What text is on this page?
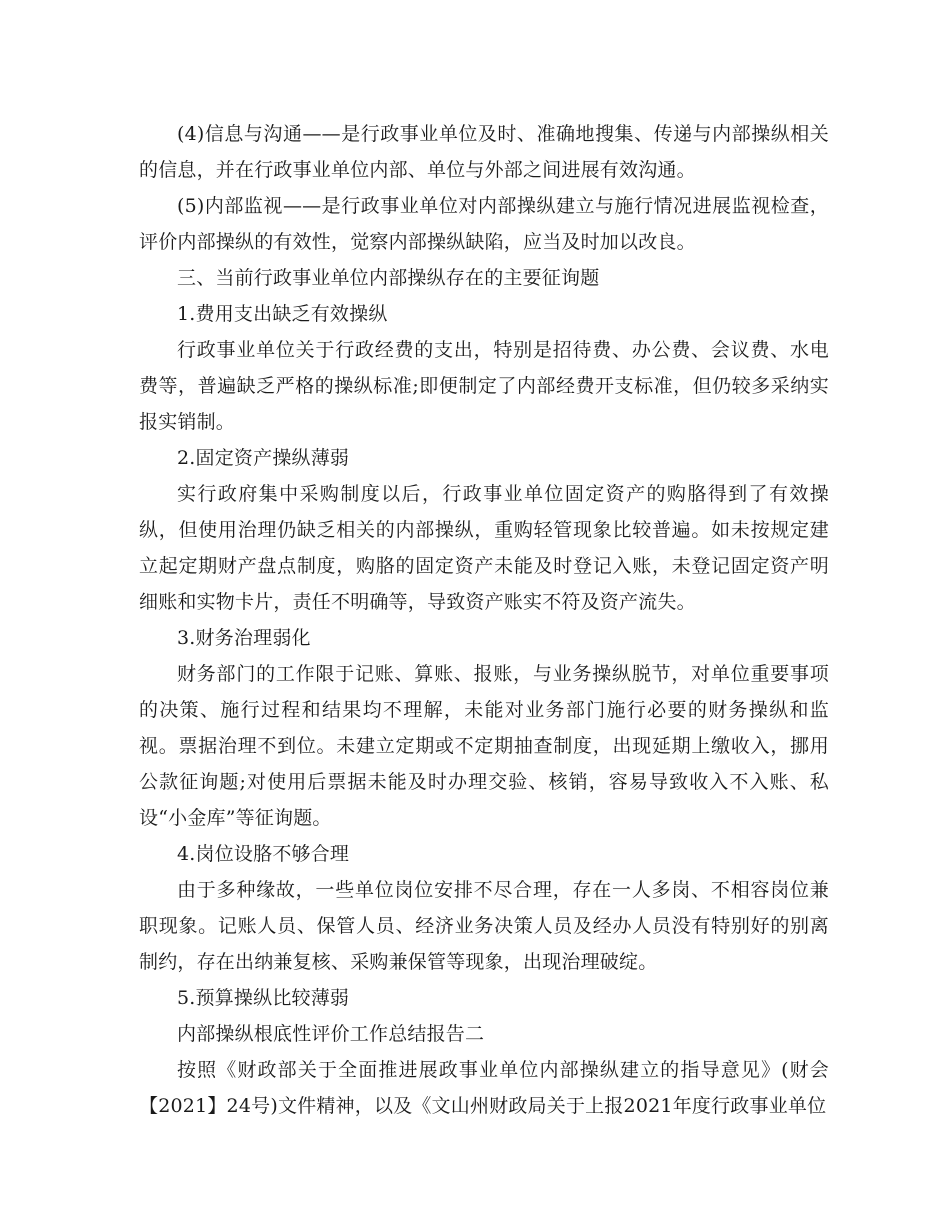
(4)信息与沟通——是行政事业单位及时、准确地搜集、传递与内部操纵相关的信息，并在行政事业单位内部、单位与外部之间进展有效沟通。

(5)内部监视——是行政事业单位对内部操纵建立与施行情况进展监视检查，评价内部操纵的有效性，觉察内部操纵缺陷，应当及时加以改良。

三、当前行政事业单位内部操纵存在的主要征询题

1.费用支出缺乏有效操纵

行政事业单位关于行政经费的支出，特别是招待费、办公费、会议费、水电费等，普遍缺乏严格的操纵标准;即便制定了内部经费开支标准，但仍较多采纳实报实销制。

2.固定资产操纵薄弱

实行政府集中采购制度以后，行政事业单位固定资产的购胳得到了有效操纵，但使用治理仍缺乏相关的内部操纵，重购轻管现象比较普遍。如未按规定建立起定期财产盘点制度，购胳的固定资产未能及时登记入账，未登记固定资产明细账和实物卡片，责任不明确等，导致资产账实不符及资产流失。

3.财务治理弱化

财务部门的工作限于记账、算账、报账，与业务操纵脱节，对单位重要事项的决策、施行过程和结果均不理解，未能对业务部门施行必要的财务操纵和监视。票据治理不到位。未建立定期或不定期抽查制度，出现延期上缴收入，挪用公款征询题;对使用后票据未能及时办理交验、核销，容易导致收入不入账、私设“小金库”等征询题。

4.岗位设胳不够合理

由于多种缘故，一些单位岗位安排不尽合理，存在一人多岗、不相容岗位兼职现象。记账人员、保管人员、经济业务决策人员及经办人员没有特别好的别离制约，存在出纳兼复核、采购兼保管等现象，出现治理破绽。

5.预算操纵比较薄弱

内部操纵根底性评价工作总结报告二

按照《财政部关于全面推进展政事业单位内部操纵建立的指导意见》(财会【2021】24号)文件精神，以及《文山州财政局关于上报2021年度行政事业单位
